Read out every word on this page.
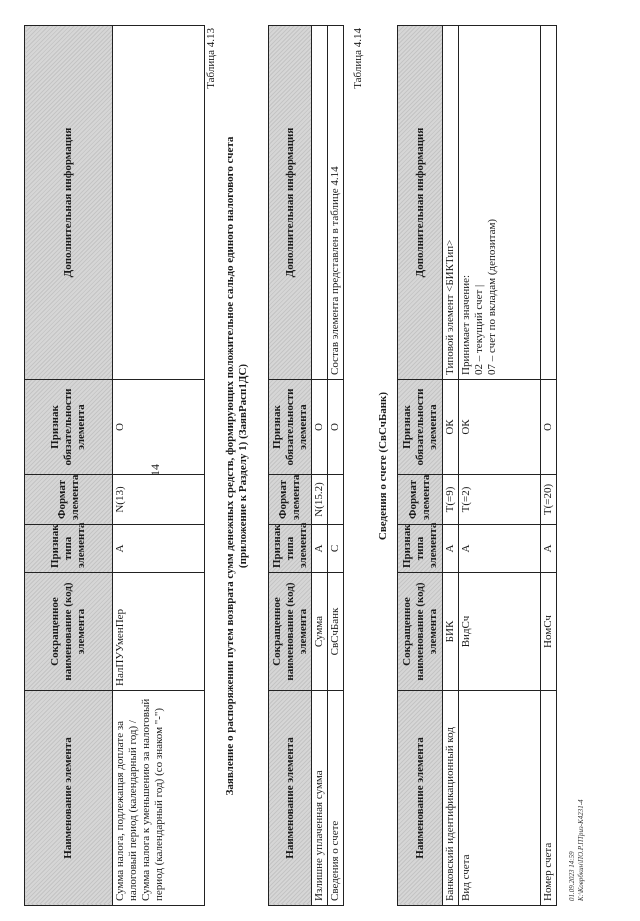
14
Наименование элемента	Сокращенное наименование (код) элемента	Признак типа элемента	Формат элемента	Признак обязательности элемента	Дополнительная информация
Сумма налога, подлежащая доплате за налоговый период (календарный год) / Сумма налога к уменьшению за налоговый период (календарный год) (со знаком "-")	НалПУУменПер	А	N(13)	О	
Таблица 4.13
Заявление о распоряжении путем возврата сумм денежных средств, формирующих положительное сальдо единого налогового счета (приложение к Разделу 1) (ЗаявРасп1ДС)
Наименование элемента	Сокращенное наименование (код) элемента	Признак типа элемента	Формат элемента	Признак обязательности элемента	Дополнительная информация
Излишне уплаченная сумма	Сумма	А	N(15.2)	О	
Сведения о счете	СвСчБанк	С		О	Состав элемента представлен в таблице 4.14
Таблица 4.14
Сведения о счете (СвСчБанк)
Наименование элемента	Сокращенное наименование (код) элемента	Признак типа элемента	Формат элемента	Признак обязательности элемента	Дополнительная информация
Банковский идентификационный код	БИК	А	T(=9)	ОК	Типовой элемент <БИКТип>
Вид счета	ВидСч	А	T(=2)	ОК	Принимает значение:
02 – текущий счет |
07 – счет по вкладам (депозитам)
Номер счета	НомСч	А	T(=20)	О	
01.09.2023 14:59 К:\Коврбкин\ПО.Р.ПТриз-К4231-4
